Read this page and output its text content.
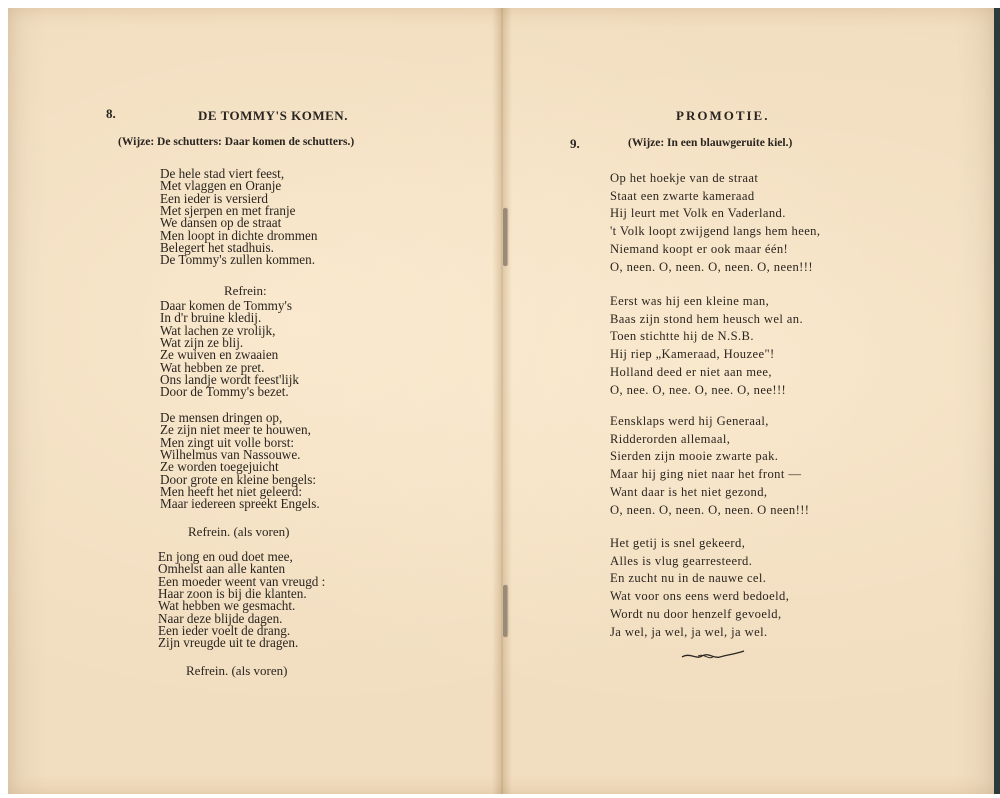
8.	DE TOMMY'S KOMEN.
(Wijze: De schutters: Daar komen de schutters.)
De hele stad viert feest,
Met vlaggen en Oranje
Een ieder is versierd
Met sjerpen en met franje
We dansen op de straat
Men loopt in dichte drommen
Belegert het stadhuis.
De Tommy's zullen kommen.
Refrein:
Daar komen de Tommy's
In d'r bruine kledij.
Wat lachen ze vrolijk,
Wat zijn ze blij.
Ze wuiven en zwaaien
Wat hebben ze pret.
Ons landje wordt feest'lijk
Door de Tommy's bezet.
De mensen dringen op,
Ze zijn niet meer te houwen,
Men zingt uit volle borst:
Wilhelmus van Nassouwe.
Ze worden toegejuicht
Door grote en kleine bengels:
Men heeft het niet geleerd:
Maar iedereen spreekt Engels.
Refrein. (als voren)
En jong en oud doet mee,
Omhelst aan alle kanten
Een moeder weent van vreugd :
Haar zoon is bij die klanten.
Wat hebben we gesmacht.
Naar deze blijde dagen.
Een ieder voelt de drang.
Zijn vreugde uit te dragen.
Refrein. (als voren)
PROMOTIE.
9.	(Wijze: In een blauwgeruite kiel.)
Op het hoekje van de straat
Staat een zwarte kameraad
Hij leurt met Volk en Vaderland.
't Volk loopt zwijgend langs hem heen,
Niemand koopt er ook maar één!
O, neen. O, neen. O, neen. O, neen!!!
Eerst was hij een kleine man,
Baas zijn stond hem heusch wel an.
Toen stichtte hij de N.S.B.
Hij riep „Kameraad, Houzee"!
Holland deed er niet aan mee,
O, nee. O, nee. O, nee. O, nee!!!
Eensklaps werd hij Generaal,
Ridderorden allemaal,
Sierden zijn mooie zwarte pak.
Maar hij ging niet naar het front —
Want daar is het niet gezond,
O, neen. O, neen. O, neen. O neen!!!
Het getij is snel gekeerd,
Alles is vlug gearresteerd.
En zucht nu in de nauwe cel.
Wat voor ons eens werd bedoeld,
Wordt nu door henzelf gevoeld,
Ja wel, ja wel, ja wel, ja wel.
